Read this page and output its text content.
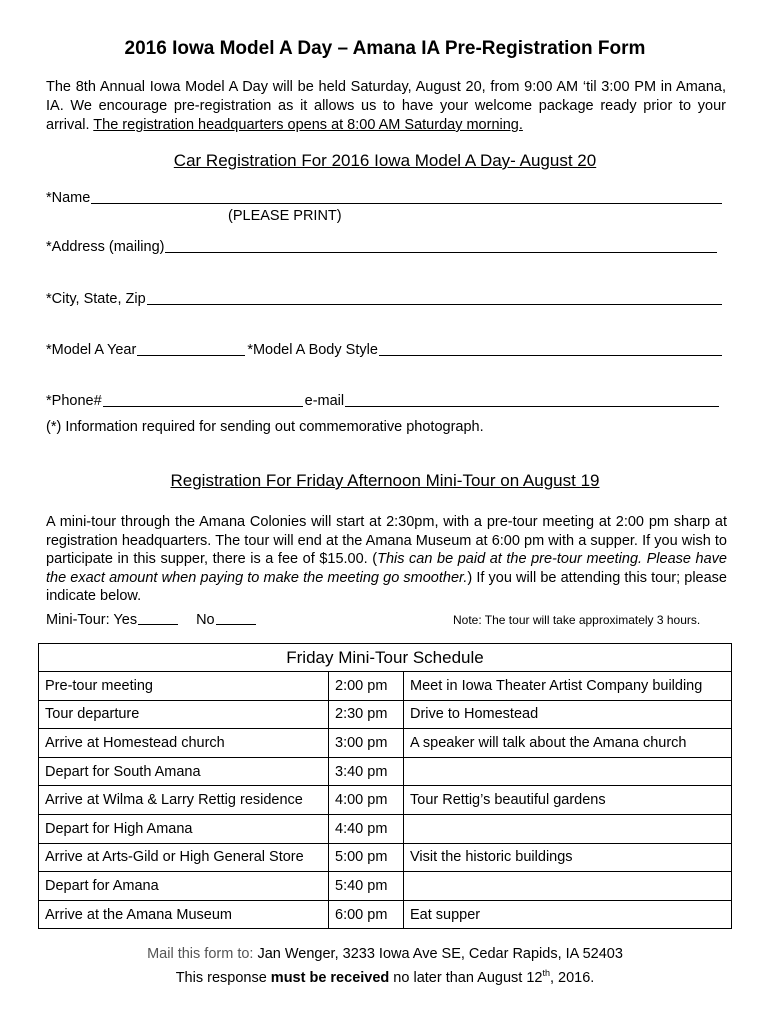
2016 Iowa Model A Day – Amana IA Pre-Registration Form
The 8th Annual Iowa Model A Day will be held Saturday, August 20, from 9:00 AM ‘til 3:00 PM in Amana, IA. We encourage pre-registration as it allows us to have your welcome package ready prior to your arrival. The registration headquarters opens at 8:00 AM Saturday morning.
Car Registration For 2016 Iowa Model A Day- August 20
*Name
(PLEASE PRINT)
*Address (mailing)
*City, State, Zip
*Model A Year	*Model A Body Style
*Phone#	e-mail
(*) Information required for sending out commemorative photograph.
Registration For Friday Afternoon Mini-Tour on August 19
A mini-tour through the Amana Colonies will start at 2:30pm, with a pre-tour meeting at 2:00 pm sharp at registration headquarters. The tour will end at the Amana Museum at 6:00 pm with a supper. If you wish to participate in this supper, there is a fee of $15.00. (This can be paid at the pre-tour meeting. Please have the exact amount when paying to make the meeting go smoother.) If you will be attending this tour; please indicate below.
Mini-Tour: Yes	No	Note: The tour will take approximately 3 hours.
Friday Mini-Tour Schedule		
Pre-tour meeting	2:00 pm	Meet in Iowa Theater Artist Company building
Tour departure	2:30 pm	Drive to Homestead
Arrive at Homestead church	3:00 pm	A speaker will talk about the Amana church
Depart for South Amana	3:40 pm	
Arrive at Wilma & Larry Rettig residence	4:00 pm	Tour Rettig’s beautiful gardens
Depart for High Amana	4:40 pm	
Arrive at Arts-Gild or High General Store	5:00 pm	Visit the historic buildings
Depart for Amana	5:40 pm	
Arrive at the Amana Museum	6:00 pm	Eat supper
Mail this form to: Jan Wenger, 3233 Iowa Ave SE, Cedar Rapids, IA 52403
This response must be received no later than August 12th, 2016.
